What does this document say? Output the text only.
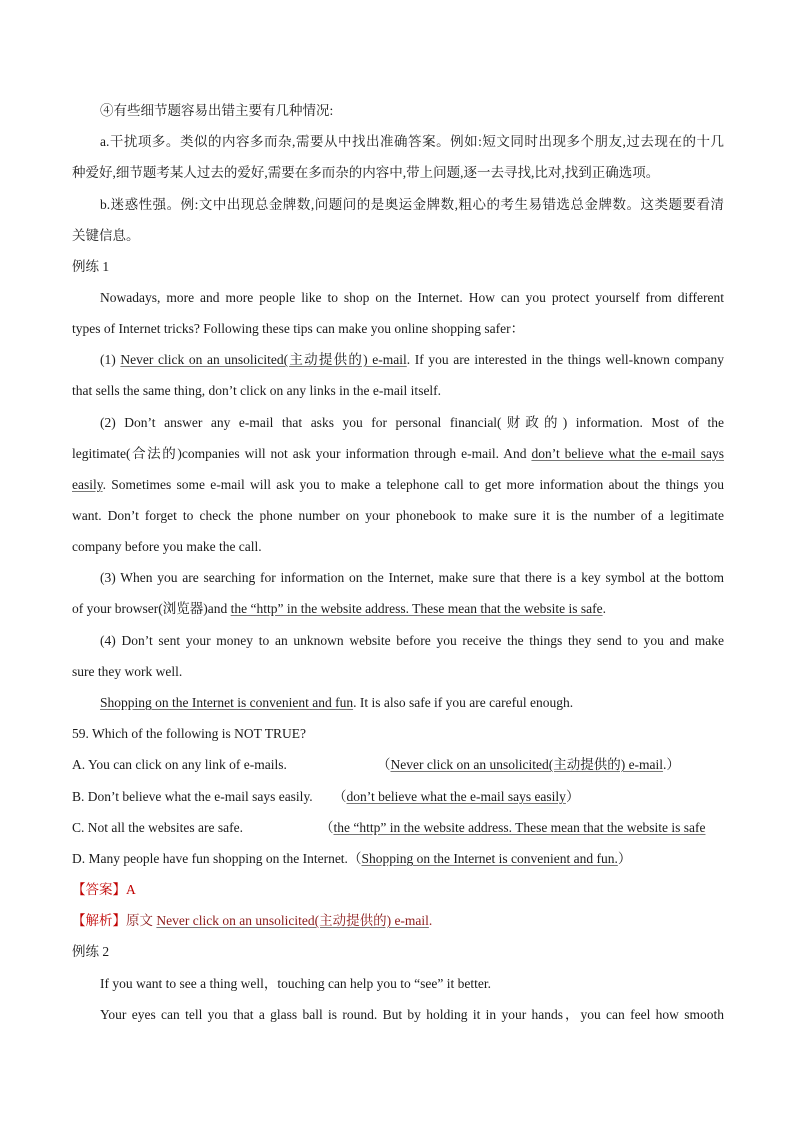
④有些细节题容易出错主要有几种情况:
a.干扰项多。类似的内容多而杂,需要从中找出准确答案。例如:短文同时出现多个朋友,过去现在的十几
种爱好,细节题考某人过去的爱好,需要在多而杂的内容中,带上问题,逐一去寻找,比对,找到正确选项。
b.迷惑性强。例:文中出现总金牌数,问题问的是奥运金牌数,粗心的考生易错选总金牌数。这类题要看清
关键信息。
例练 1
Nowadays, more and more people like to shop on the Internet. How can you protect yourself from different
types of Internet tricks? Following these tips can make you online shopping safer：
(1) Never click on an unsolicited(主动提供的) e-mail. If you are interested in the things well-known company
that sells the same thing, don’t click on any links in the e-mail itself.
(2) Don’t answer any e-mail that asks you for personal financial(财政的) information. Most of the
legitimate(合法的)companies will not ask your information through e-mail. And don’t believe what the e-mail says
easily. Sometimes some e-mail will ask you to make a telephone call to get more information about the things you
want. Don’t forget to check the phone number on your phonebook to make sure it is the number of a legitimate
company before you make the call.
(3) When you are searching for information on the Internet, make sure that there is a key symbol at the bottom
of your browser(浏览器)and the “http” in the website address. These mean that the website is safe.
(4) Don’t sent your money to an unknown website before you receive the things they send to you and make
sure they work well.
Shopping on the Internet is convenient and fun. It is also safe if you are careful enough.
59. Which of the following is NOT TRUE?
A. You can click on any link of e-mails.	（Never click on an unsolicited(主动提供的) e-mail.）
B. Don’t believe what the e-mail says easily. （don’t believe what the e-mail says easily）
C. Not all the websites are safe.	（the “http” in the website address. These mean that the website is safe
D. Many people have fun shopping on the Internet.（Shopping on the Internet is convenient and fun.）
【答案】A
【解析】原文 Never click on an unsolicited(主动提供的) e-mail.
例练 2
If you want to see a thing well，touching can help you to “see” it better.
Your eyes can tell you that a glass ball is round. But by holding it in your hands，you can feel how smooth
